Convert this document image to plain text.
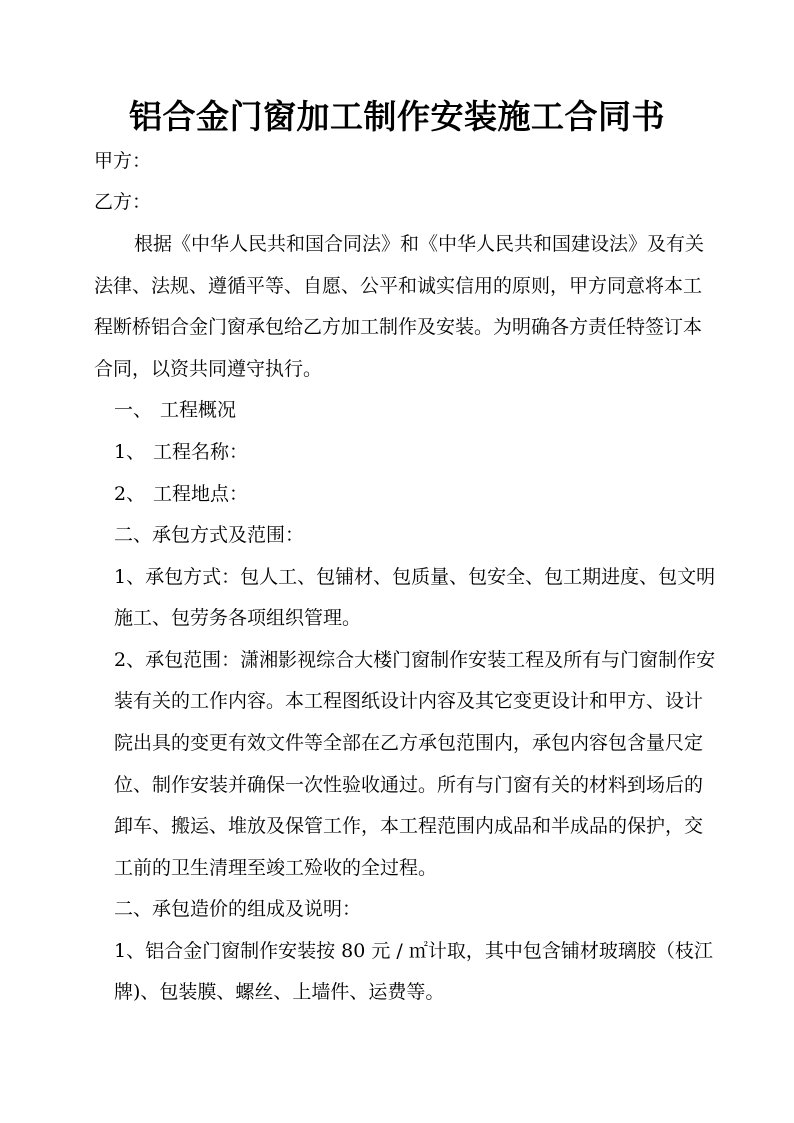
铝合金门窗加工制作安装施工合同书
甲方：
乙方：
根据《中华人民共和国合同法》和《中华人民共和国建设法》及有关
法律、法规、遵循平等、自愿、公平和诚实信用的原则，甲方同意将本工
程断桥铝合金门窗承包给乙方加工制作及安装。为明确各方责任特签订本
合同，以资共同遵守执行。
一、 工程概况
1、 工程名称：
2、 工程地点：
二、承包方式及范围：
1、承包方式：包人工、包铺材、包质量、包安全、包工期进度、包文明
施工、包劳务各项组织管理。
2、承包范围：潇湘影视综合大楼门窗制作安装工程及所有与门窗制作安
装有关的工作内容。本工程图纸设计内容及其它变更设计和甲方、设计
院出具的变更有效文件等全部在乙方承包范围内，承包内容包含量尺定
位、制作安装并确保一次性验收通过。所有与门窗有关的材料到场后的
卸车、搬运、堆放及保管工作，本工程范围内成品和半成品的保护，交
工前的卫生清理至竣工殓收的全过程。
二、承包造价的组成及说明：
1、铝合金门窗制作安装按 80 元 / ㎡计取，其中包含铺材玻璃胶（枝江
牌)、包装膜、螺丝、上墙件、运费等。
